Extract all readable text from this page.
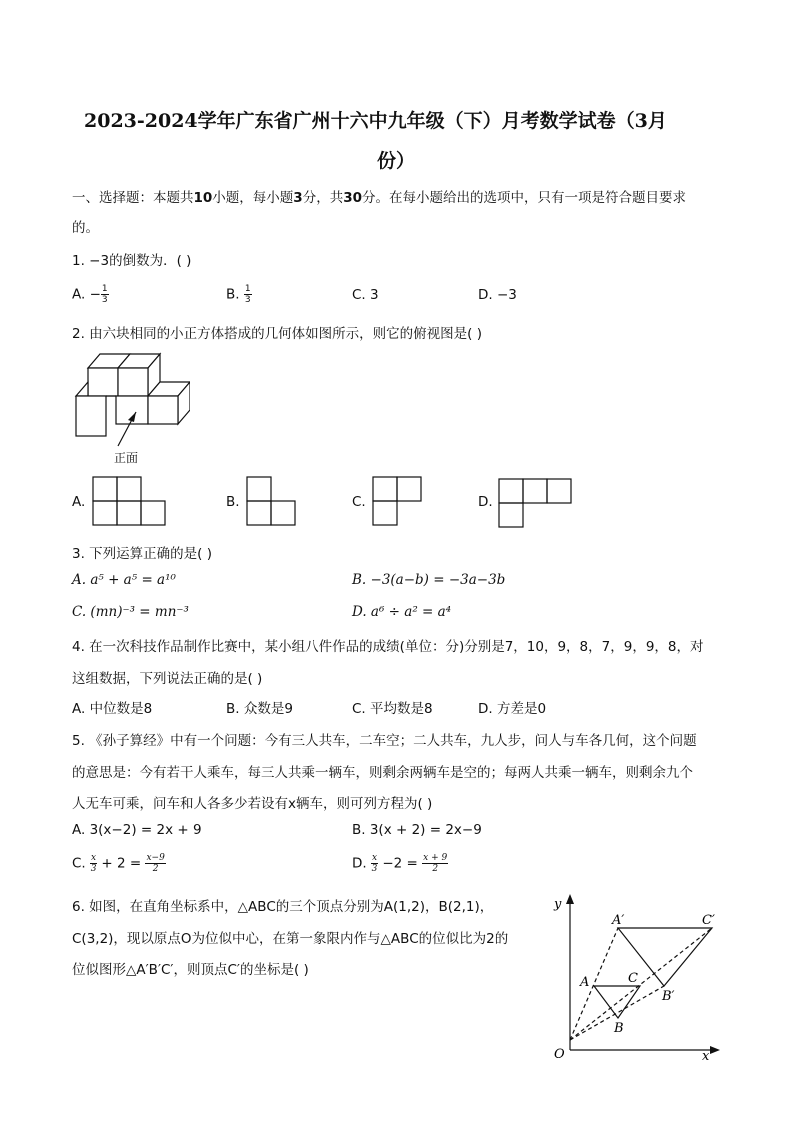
2023-2024学年广东省广州十六中九年级（下）月考数学试卷（3月
份）
一、选择题：本题共10小题，每小题3分，共30分。在每小题给出的选项中，只有一项是符合题目要求
的。
1. −3的倒数为．( )
A. − $\frac{1}{3}$	B. $\frac{1}{3}$	C. 3	D. −3
2. 由六块相同的小正方体搭成的几何体如图所示，则它的俯视图是( )
正面
A.	B.	C.	D.
3. 下列运算正确的是( )
A. a⁵ + a⁵ = a¹⁰	B. −3(a−b) = −3a−3b
C. (mn)⁻³ = mn⁻³	D. a⁶ ÷ a² = a⁴
4. 在一次科技作品制作比赛中，某小组八件作品的成绩(单位：分)分别是7，10，9，8，7，9，9，8，对
这组数据，下列说法正确的是( )
A. 中位数是8	B. 众数是9	C. 平均数是8	D. 方差是0
5. 《孙子算经》中有一个问题：今有三人共车，二车空；二人共车，九人步，问人与车各几何，这个问题
的意思是：今有若干人乘车，每三人共乘一辆车，则剩余两辆车是空的；每两人共乘一辆车，则剩余九个
人无车可乘，问车和人各多少若设有x辆车，则可列方程为( )
A. 3(x−2) = 2x + 9	B. 3(x + 2) = 2x−9
C. $\frac{x}{3} + 2 = \frac{x-9}{2}$	D. $\frac{x}{3} -2 = \frac{x + 9}{2}$
6. 如图，在直角坐标系中，△ABC的三个顶点分别为A(1,2)，B(2,1)，
C(3,2)，现以原点O为位似中心，在第一象限内作与△ABC的位似比为2的
位似图形△A′B′C′，则顶点C′的坐标是( )
y
x
O
A
B
C
A′
B′
C′
